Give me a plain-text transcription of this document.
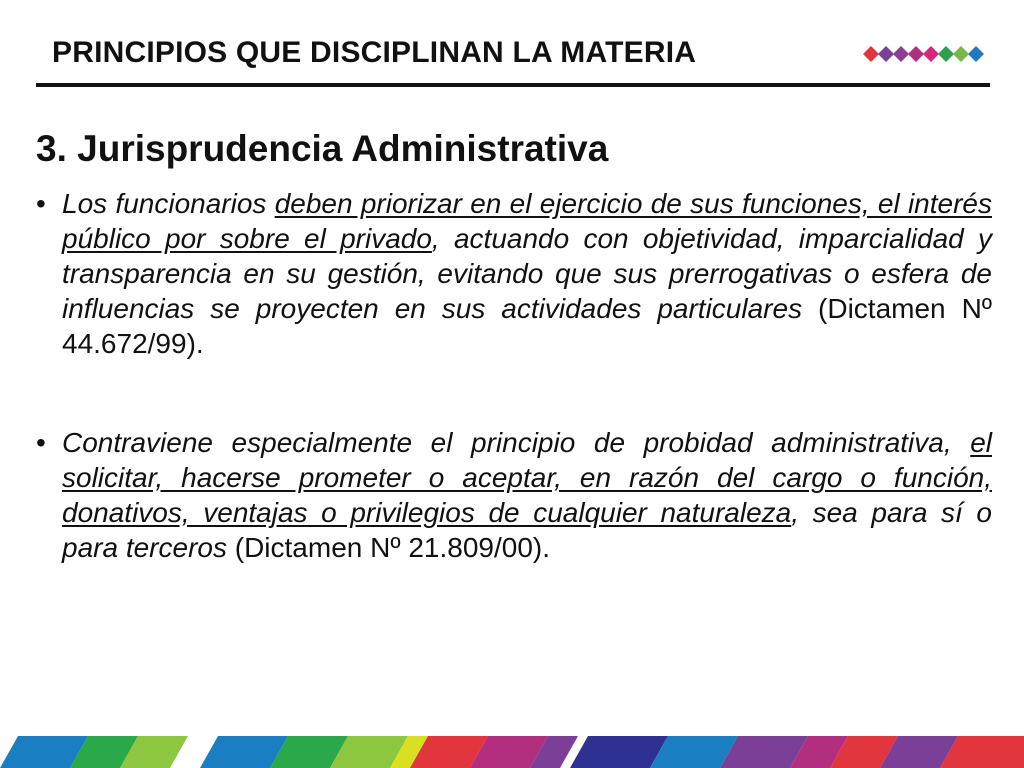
PRINCIPIOS QUE DISCIPLINAN LA MATERIA
3. Jurisprudencia Administrativa
• Los funcionarios deben priorizar en el ejercicio de sus funciones, el interés público por sobre el privado, actuando con objetividad, imparcialidad y transparencia en su gestión, evitando que sus prerrogativas o esfera de influencias se proyecten en sus actividades particulares (Dictamen Nº 44.672/99).
• Contraviene especialmente el principio de probidad administrativa, el solicitar, hacerse prometer o aceptar, en razón del cargo o función, donativos, ventajas o privilegios de cualquier naturaleza, sea para sí o para terceros (Dictamen Nº 21.809/00).
